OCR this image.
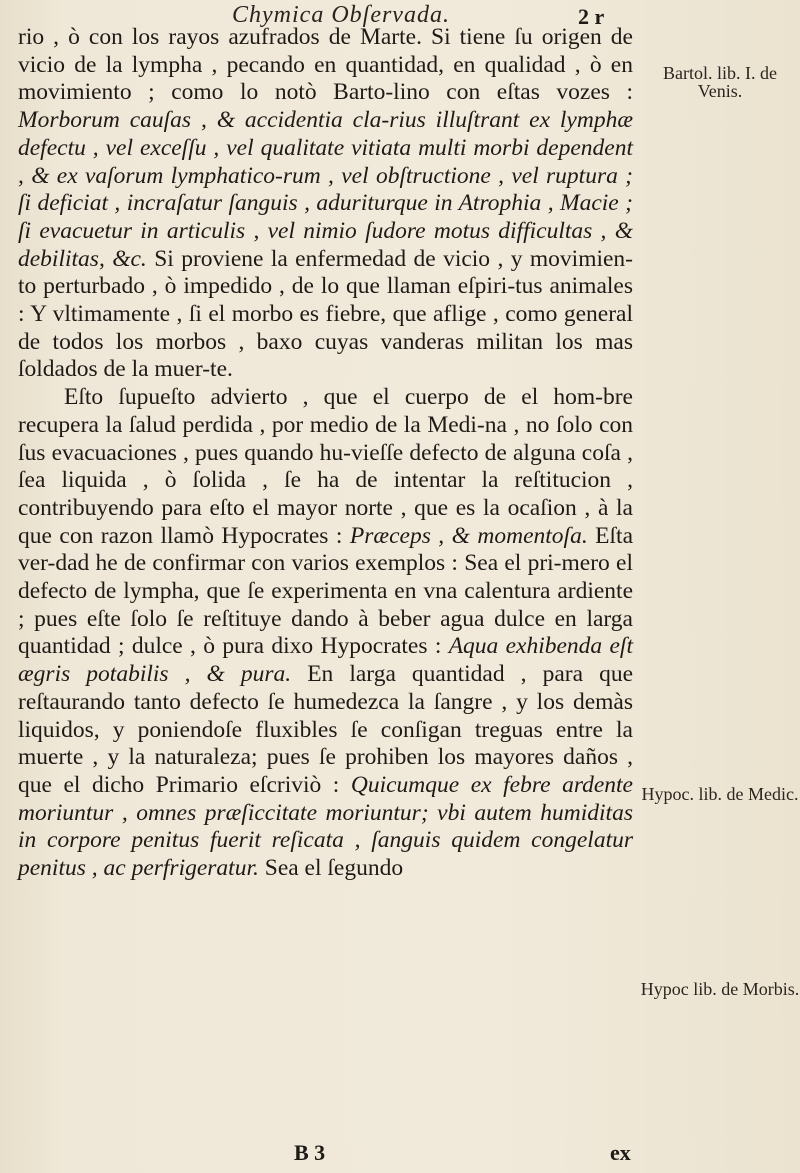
Chymica Obſervada.	2 r

rio , ò con los rayos azufrados de Marte. Si tiene ſu origen de vicio de la lympha , pecando en quantidad, en qualidad , ò en movimiento ; como lo notò Barto-lino con eſtas vozes : Morborum cauſas , & accidentia cla-rius illuſtrant ex lymphæ defectu , vel exceſſu , vel qualitate vitiata multi morbi dependent , & ex vaſorum lymphatico-rum , vel obſtructione , vel ruptura ; ſi deficiat , incraſatur ſanguis , aduriturque in Atrophia , Macie ; ſi evacuetur in articulis , vel nimio ſudore motus difficultas , & debilitas, &c. Si proviene la enfermedad de vicio , y movimien-to perturbado , ò impedido , de lo que llaman eſpiri-tus animales : Y vltimamente , ſi el morbo es fiebre, que aflige , como general de todos los morbos , baxo cuyas vanderas militan los mas ſoldados de la muer-te.

Eſto ſupueſto advierto , que el cuerpo de el hom-bre recupera la ſalud perdida , por medio de la Medi-na , no ſolo con ſus evacuaciones , pues quando hu-vieſſe defecto de alguna coſa , ſea liquida , ò ſolida , ſe ha de intentar la reſtitucion , contribuyendo para eſto el mayor norte , que es la ocaſion , à la que con razon llamò Hypocrates : Præceps , & momentoſa. Eſta ver-dad he de confirmar con varios exemplos : Sea el pri-mero el defecto de lympha, que ſe experimenta en vna calentura ardiente ; pues eſte ſolo ſe reſtituye dando à beber agua dulce en larga quantidad ; dulce , ò pura dixo Hypocrates : Aqua exhibenda eſt ægris potabilis , & pura. En larga quantidad , para que reſtaurando tanto defecto ſe humedezca la ſangre , y los demàs liquidos, y poniendoſe fluxibles ſe conſigan treguas entre la muerte , y la naturaleza; pues ſe prohiben los mayores daños , que el dicho Primario eſcriviò : Quicumque ex febre ardente moriuntur , omnes præſiccitate moriuntur; vbi autem humiditas in corpore penitus fuerit reſicata , ſanguis quidem congelatur penitus , ac perfrigeratur. Sea el ſegundo

Bartol. lib. I. de Venis.
Hypoc. lib. de Medic.
Hypoc lib. de Morbis.
B 3	ex
